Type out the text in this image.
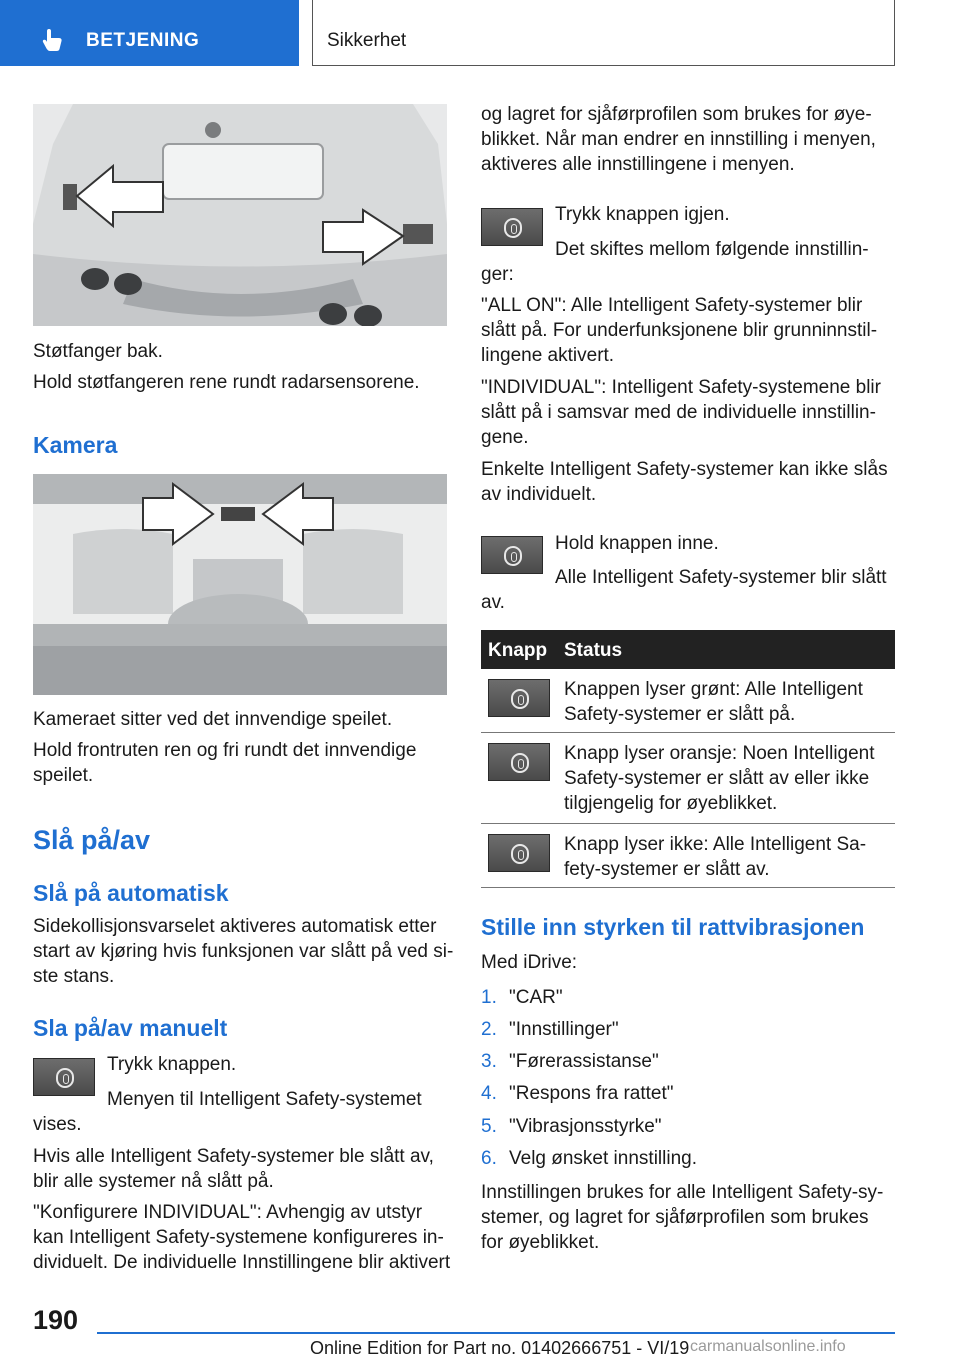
BETJENING	Sikkerhet
Støtfanger bak.
Hold støtfangeren rene rundt radarsensorene.
Kamera
Kameraet sitter ved det innvendige speilet.
Hold frontruten ren og fri rundt det innvendige
speilet.
Slå på/av
Slå på automatisk
Sidekollisjonsvarselet aktiveres automatisk etter
start av kjøring hvis funksjonen var slått på ved si-
ste stans.
Sla på/av manuelt
Trykk knappen.
Menyen til Intelligent Safety-systemet
vises.
Hvis alle Intelligent Safety-systemer ble slått av,
blir alle systemer nå slått på.
"Konfigurere INDIVIDUAL": Avhengig av utstyr
kan Intelligent Safety-systemene konfigureres in-
dividuelt. De individuelle Innstillingene blir aktivert
og lagret for sjåførprofilen som brukes for øye-
blikket. Når man endrer en innstilling i menyen,
aktiveres alle innstillingene i menyen.
Trykk knappen igjen.
Det skiftes mellom følgende innstillin-
ger:
"ALL ON": Alle Intelligent Safety-systemer blir
slått på. For underfunksjonene blir grunninnstil-
lingene aktivert.
"INDIVIDUAL": Intelligent Safety-systemene blir
slått på i samsvar med de individuelle innstillin-
gene.
Enkelte Intelligent Safety-systemer kan ikke slås
av individuelt.
Hold knappen inne.
Alle Intelligent Safety-systemer blir slått
av.
Knapp Status
Knappen lyser grønt: Alle Intelligent
Safety-systemer er slått på.
Knapp lyser oransje: Noen Intelligent
Safety-systemer er slått av eller ikke
tilgjengelig for øyeblikket.
Knapp lyser ikke: Alle Intelligent Sa-
fety-systemer er slått av.
Stille inn styrken til rattvibrasjonen
Med iDrive:
1. "CAR"
2. "Innstillinger"
3. "Førerassistanse"
4. "Respons fra rattet"
5. "Vibrasjonsstyrke"
6. Velg ønsket innstilling.
Innstillingen brukes for alle Intelligent Safety-sy-
stemer, og lagret for sjåførprofilen som brukes
for øyeblikket.
190
Online Edition for Part no. 01402666751 - VI/19 carmanualsonline.info
